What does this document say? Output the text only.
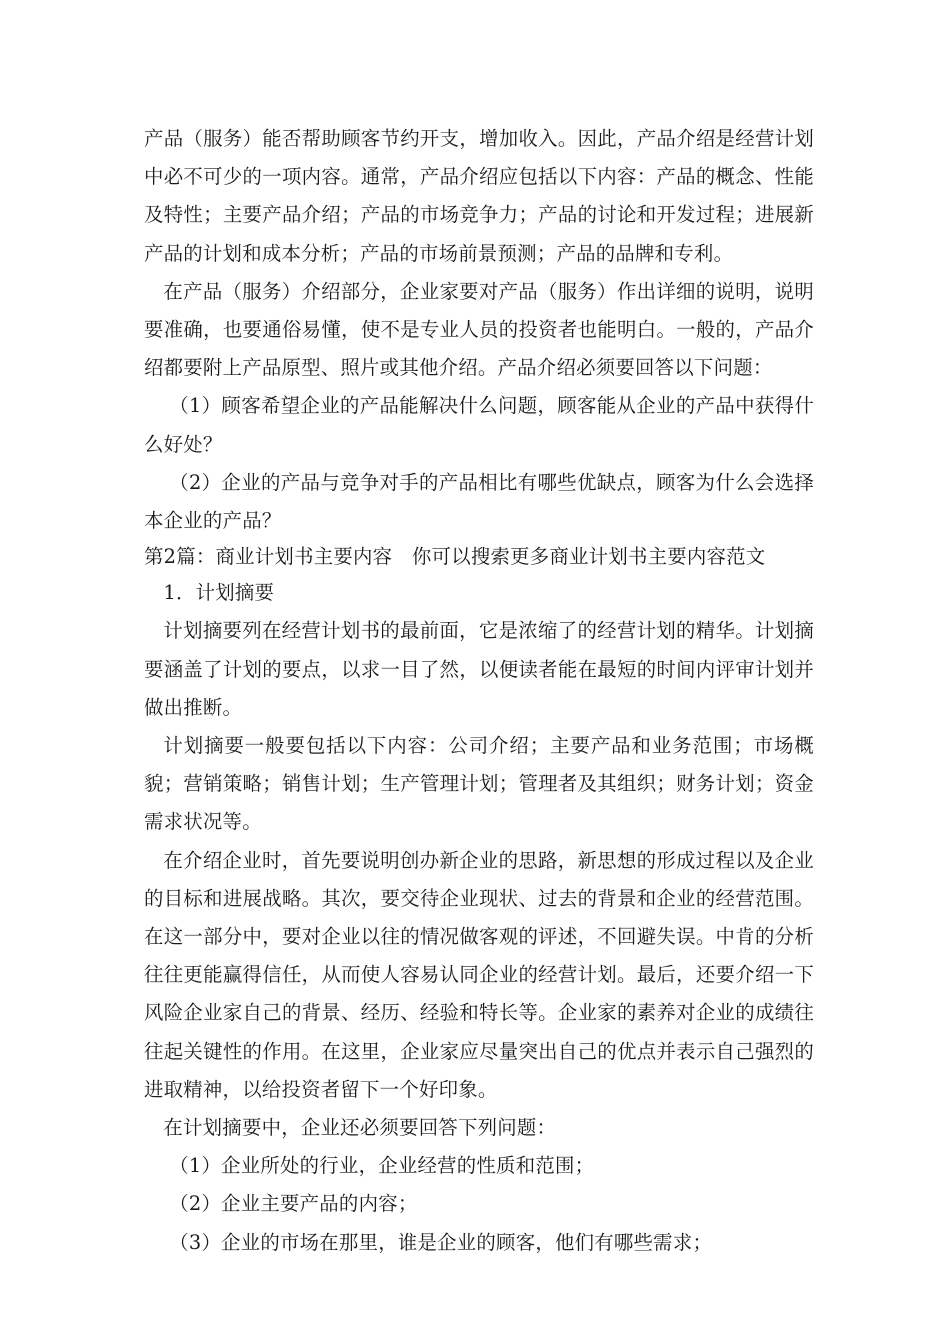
产品（服务）能否帮助顾客节约开支，增加收入。因此，产品介绍是经营计划中必不可少的一项内容。通常，产品介绍应包括以下内容：产品的概念、性能及特性；主要产品介绍；产品的市场竞争力；产品的讨论和开发过程；进展新产品的计划和成本分析；产品的市场前景预测；产品的品牌和专利。

在产品（服务）介绍部分，企业家要对产品（服务）作出详细的说明，说明要准确，也要通俗易懂，使不是专业人员的投资者也能明白。一般的，产品介绍都要附上产品原型、照片或其他介绍。产品介绍必须要回答以下问题：

（1）顾客希望企业的产品能解决什么问题，顾客能从企业的产品中获得什么好处？

（2）企业的产品与竞争对手的产品相比有哪些优缺点，顾客为什么会选择本企业的产品？

第2篇：商业计划书主要内容　你可以搜索更多商业计划书主要内容范文

1．计划摘要

计划摘要列在经营计划书的最前面，它是浓缩了的经营计划的精华。计划摘要涵盖了计划的要点，以求一目了然，以便读者能在最短的时间内评审计划并做出推断。

计划摘要一般要包括以下内容：公司介绍；主要产品和业务范围；市场概貌；营销策略；销售计划；生产管理计划；管理者及其组织；财务计划；资金需求状况等。

在介绍企业时，首先要说明创办新企业的思路，新思想的形成过程以及企业的目标和进展战略。其次，要交待企业现状、过去的背景和企业的经营范围。在这一部分中，要对企业以往的情况做客观的评述，不回避失误。中肯的分析往往更能赢得信任，从而使人容易认同企业的经营计划。最后，还要介绍一下风险企业家自己的背景、经历、经验和特长等。企业家的素养对企业的成绩往往起关键性的作用。在这里，企业家应尽量突出自己的优点并表示自己强烈的进取精神，以给投资者留下一个好印象。

在计划摘要中，企业还必须要回答下列问题：

（1）企业所处的行业，企业经营的性质和范围；

（2）企业主要产品的内容；

（3）企业的市场在那里，谁是企业的顾客，他们有哪些需求；
